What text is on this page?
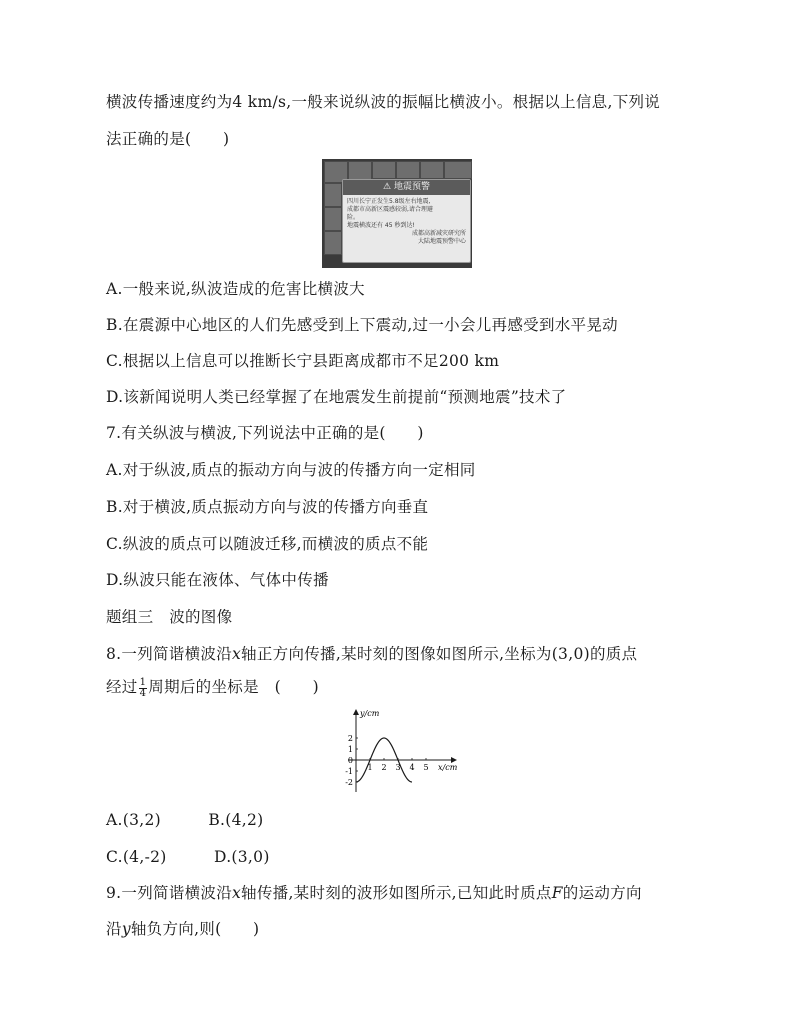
横波传播速度约为4 km/s,一般来说纵波的振幅比横波小。根据以上信息,下列说
法正确的是(　　)
⚠ 地震预警
四川长宁正发生5.8级左右地震,
成都市高新区震感较弱,请合理避
险。
地震横波还有 45 秒到达!
成都高新减灾研究所
大陆地震预警中心
A.一般来说,纵波造成的危害比横波大
B.在震源中心地区的人们先感受到上下震动,过一小会儿再感受到水平晃动
C.根据以上信息可以推断长宁县距离成都市不足200 km
D.该新闻说明人类已经掌握了在地震发生前提前“预测地震”技术了
7.有关纵波与横波,下列说法中正确的是(　　)
A.对于纵波,质点的振动方向与波的传播方向一定相同
B.对于横波,质点振动方向与波的传播方向垂直
C.纵波的质点可以随波迁移,而横波的质点不能
D.纵波只能在液体、气体中传播
题组三　波的图像
8.一列简谐横波沿x轴正方向传播,某时刻的图像如图所示,坐标为(3,0)的质点
经过 $\frac{1}{4}$ 周期后的坐标是　(　　)
y/cm
x/cm
2
1
0
-1
-2
1 2 3 4 5
A.(3,2)　　　B.(4,2)
C.(4,-2)　　　D.(3,0)
9.一列简谐横波沿x轴传播,某时刻的波形如图所示,已知此时质点F的运动方向
沿y轴负方向,则(　　)
